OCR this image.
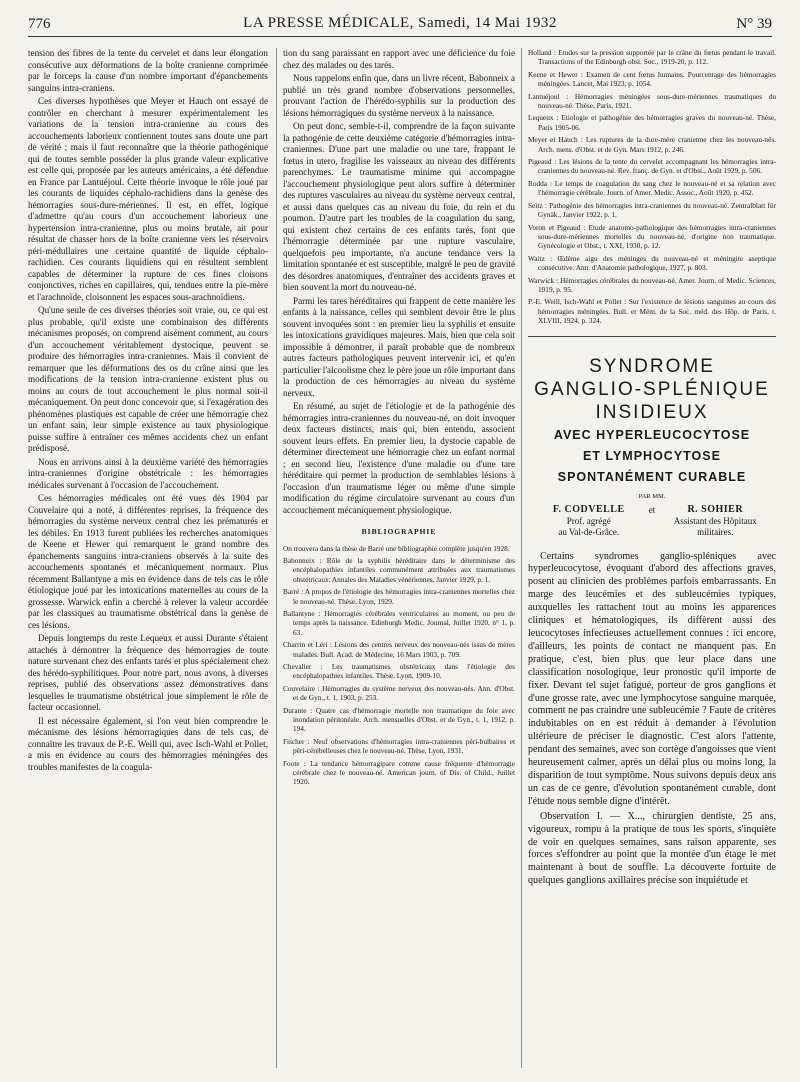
776	LA PRESSE MÉDICALE, Samedi, 14 Mai 1932	N° 39

tension des fibres de la tente du cervelet et dans leur élongation consécutive aux déformations de la boîte cranienne comprimée par le forceps la cause d'un nombre important d'épanchements sanguins intra-craniens.

Ces diverses hypothèses que Meyer et Hauch ont essayé de contrôler en cherchant à mesurer expérimentalement les variations de la tension intra-cranienne au cours des accouchements laborieux contiennent toutes sans doute une part de vérité ; mais il faut reconnaître que la théorie pathogénique qui de toutes semble posséder la plus grande valeur explicative est celle qui, proposée par les auteurs américains, a été défendue en France par Lantuéjoul. Cette théorie invoque le rôle joué par les courants de liquides céphalo-rachidiens dans la genèse des hémorragies sous-dure-mériennes. Il est, en effet, logique d'admettre qu'au cours d'un accouchement laborieux une hypertension intra-cranienne, plus ou moins brutale, ait pour résultat de chasser hors de la boîte cranienne vers les réservoirs péri-médullaires une certaine quantité de liquide céphalo-rachidien. Ces courants liquidiens qui en résultent semblent capables de déterminer la rupture de ces fines cloisons conjonctives, riches en capillaires, qui, tendues entre la pie-mère et l'arachnoïde, cloisonnent les espaces sous-arachnoïdiens.

Qu'une seule de ces diverses théories soit vraie, ou, ce qui est plus probable, qu'il existe une combinaison des différents mécanismes proposés, on comprend aisément comment, au cours d'un accouchement véritablement dystocique, peuvent se produire des hémorragies intra-craniennes. Mais il convient de remarquer que les déformations des os du crâne ainsi que les modifications de la tension intra-cranienne existent plus ou moins au cours de tout accouchement le plus normal soit-il mécaniquement. On peut donc concevoir que, si l'exagération des phénomènes plastiques est capable de créer une hémorragie chez un enfant sain, leur simple existence au taux physiologique puisse suffire à entraîner ces mêmes accidents chez un enfant prédisposé.

Nous en arrivons ainsi à la deuxième variété des hémorragies intra-craniennes d'origine obstétricale : les hémorragies médicales survenant à l'occasion de l'accouchement.

Ces hémorragies médicales ont été vues dès 1904 par Couvelaire qui a noté, à différentes reprises, la fréquence des hémorragies du système nerveux central chez les prématurés et les débiles. En 1913 furent publiées les recherches anatomiques de Keene et Hewer qui remarquent le grand nombre des épanchements sanguins intra-craniens observés à la suite des accouchements spontanés et mécaniquement normaux. Plus récemment Ballantyne a mis en évidence dans de tels cas le rôle étiologique joué par les intoxications maternelles au cours de la grossesse. Warwick enfin a cherché à relever la valeur accordée par les classiques au traumatisme obstétrical dans la genèse de ces lésions.

Depuis longtemps du reste Lequeux et aussi Durante s'étaient attachés à démontrer la fréquence des hémorragies de toute nature survenant chez des enfants tarés et plus spécialement chez des hérédo-syphilitiques. Pour notre part, nous avons, à diverses reprises, publié des observations assez démonstratives dans lesquelles le traumatisme obstétrical joue simplement le rôle de facteur occasionnel.

Il est nécessaire également, si l'on veut bien comprendre le mécanisme des lésions hémorragiques dans de tels cas, de connaître les travaux de P.-E. Weill qui, avec Isch-Wahl et Pollet, a mis en évidence au cours des hémorragies méningées des troubles manifestes de la coagula-

tion du sang paraissant en rapport avec une déficience du foie chez des malades ou des tarés.

Nous rappelons enfin que, dans un livre récent, Babonneix a publié un très grand nombre d'observations personnelles, prouvant l'action de l'hérédo-syphilis sur la production des lésions hémorragiques du système nerveux à la naissance.

On peut donc, semble-t-il, comprendre de la façon suivante la pathogénie de cette deuxième catégorie d'hémorragies intra-craniennes. D'une part une maladie ou une tare, frappant le fœtus in utero, fragilise les vaisseaux au niveau des différents parenchymes. Le traumatisme minime qui accompagne l'accouchement physiologique peut alors suffire à déterminer des ruptures vasculaires au niveau du système nerveux central, et aussi dans quelques cas au niveau du foie, du rein et du poumon. D'autre part les troubles de la coagulation du sang, qui existent chez certains de ces enfants tarés, font que l'hémorragie déterminée par une rupture vasculaire, quelquefois peu importante, n'a aucune tendance vers la limitation spontanée et est susceptible, malgré le peu de gravité des désordres anatomiques, d'entraîner des accidents graves et bien souvent la mort du nouveau-né.

Parmi les tares héréditaires qui frappent de cette manière les enfants à la naissance, celles qui semblent devoir être le plus souvent invoquées sont : en premier lieu la syphilis et ensuite les intoxications gravidiques majeures. Mais, bien que cela soit impossible à démontrer, il paraît probable que de nombreux autres facteurs pathologiques peuvent intervenir ici, et qu'en particulier l'alcoolisme chez le père joue un rôle important dans la production de ces hémorragies au niveau du système nerveux.

En résumé, au sujet de l'étiologie et de la pathogénie des hémorragies intra-craniennes du nouveau-né, on doit invoquer deux facteurs distincts, mais qui, bien entendu, associent souvent leurs effets. En premier lieu, la dystocie capable de déterminer directement une hémorragie chez un enfant normal ; en second lieu, l'existence d'une maladie ou d'une tare héréditaire qui permet la production de semblables lésions à l'occasion d'un traumatisme léger ou même d'une simple modification du régime circulatoire survenant au cours d'un accouchement mécaniquement physiologique.

BIBLIOGRAPHIE

On trouvera dans la thèse de Barré une bibliographie complète jusqu'en 1928.

Babonneix : Rôle de la syphilis héréditaire dans le déterminisme des encéphalopathies infantiles communément attribuées aux traumatismes obstétricaux. Annales des Maladies vénériennes, Janvier 1929, p. 1.

Barré : A propos de l'étiologie des hémorragies intra-craniennes mortelles chez le nouveau-né. Thèse, Lyon, 1929.

Ballantyne : Hémorragies cérébrales ventriculaires au moment, ou peu de temps après la naissance. Edinburgh Medic. Journal, Juillet 1920, n° 1, p. 63.

Charrin et Léri : Lésions des centres nerveux des nouveau-nés issus de mères malades. Bull. Acad. de Médecine, 16 Mars 1903, p. 709.

Chevalier : Les traumatismes obstétricaux dans l'étiologie des encéphalopathies infantiles. Thèse, Lyon, 1909-10.

Couvelaire : Hémorragies du système nerveux des nouveau-nés. Ann. d'Obst. et de Gyn., t. 1, 1903, p. 253.

Durante : Quatre cas d'hémorragie mortelle non traumatique du foie avec inondation péritonéale. Arch. mensuelles d'Obst. et de Gyn., t. 1, 1912, p. 194.

Fischer : Neuf observations d'hémorragies intra-craniennes péri-bulbaires et péri-cérébelleuses chez le nouveau-né. Thèse, Lyon, 1931.

Foote : La tendance hémorragipare comme cause fréquente d'hémorragie cérébrale chez le nouveau-né. American journ. of Dis. of Child., Juillet 1920.

Holland : Etudes sur la pression supportée par le crâne du fœtus pendant le travail. Transactions of the Edinburgh obst. Soc., 1919-20, p. 112.

Keene et Hewer : Examen de cent fœtus humains. Pourcentage des hémorragies méningées. Lancet, Mai 1923, p. 1054.

Lantuéjoul : Hémorragies méningées sous-dure-mériennes traumatiques du nouveau-né. Thèse, Paris, 1921.

Lequeux : Etiologie et pathogénie des hémorragies graves du nouveau-né. Thèse, Paris 1905-06.

Meyer et Hauch : Les ruptures de la dure-mère cranienne chez les nouveau-nés. Arch. mens. d'Obst. et de Gyn. Mars 1912, p. 246.

Pigeaud : Les lésions de la tente du cervelet accompagnant les hémorragies intra-craniennes du nouveau-né. Rev. franç. de Gyn. et d'Obst., Août 1929, p. 506.

Rodda : Le temps de coagulation du sang chez le nouveau-né et sa relation avec l'hémorragie cérébrale. Journ. of Amer. Medic. Assoc., Août 1920, p. 452.

Seitz : Pathogénie des hémorragies intra-craniennes du nouveau-né. Zentralblatt für Gynäk., Janvier 1922, p. 1.

Voron et Pigeaud : Etude anatomo-pathologique des hémorragies intra-craniennes sous-dure-mériennes mortelles du nouveau-né, d'origine non traumatique. Gynécologie et Obst., t. XXI, 1930, p. 12.

Waitz : Œdème aigu des méninges du nouveau-né et méningite aseptique consécutive. Ann. d'Anatomie pathologique, 1927, p. 803.

Warwick : Hémorragies cérébrales du nouveau-né. Amer. Journ. of Medic. Sciences, 1919, p. 95.

P.-E. Weill, Isch-Wahl et Pollet : Sur l'existence de lésions sanguines au cours des hémorragies méningées. Bull. et Mém. de la Soc. méd. des Hôp. de Paris, t. XLVIII, 1924, p. 324.

SYNDROME
GANGLIO-SPLÉNIQUE
INSIDIEUX
AVEC HYPERLEUCOCYTOSE
ET LYMPHOCYTOSE
SPONTANÉMENT CURABLE
PAR MM.
F. CODVELLE
Prof. agrégé
au Val-de-Grâce.
et	R. SOHIER
Assistant des Hôpitaux
militaires.

Certains syndromes ganglio-spléniques avec hyperleucocytose, évoquant d'abord des affections graves, posent au clinicien des problèmes parfois embarrassants. En marge des leucémies et des subleucémies typiques, auxquelles les rattachent tout au moins les apparences cliniques et hématologiques, ils diffèrent aussi des leucocytoses infectieuses actuellement connues : ici encore, d'ailleurs, les points de contact ne manquent pas. En pratique, c'est, bien plus que leur place dans une classification nosologique, leur pronostic qu'il importe de fixer. Devant tel sujet fatigué, porteur de gros ganglions et d'une grosse rate, avec une lymphocytose sanguine marquée, comment ne pas craindre une subleucémie ? Faute de critères indubitables on en est réduit à demander à l'évolution ultérieure de préciser le diagnostic. C'est alors l'attente, pendant des semaines, avec son cortège d'angoisses que vient heureusement calmer, après un délai plus ou moins long, la disparition de tout symptôme. Nous suivons depuis deux ans un cas de ce genre, d'évolution spontanément curable, dont l'étude nous semble digne d'intérêt.

Observation I. — X..., chirurgien dentiste, 25 ans, vigoureux, rompu à la pratique de tous les sports, s'inquiète de voir en quelques semaines, sans raison apparente, ses forces s'effondrer au point que la montée d'un étage le met maintenant à bout de souffle. La découverte fortuite de quelques ganglions axillaires précise son inquiétude et
